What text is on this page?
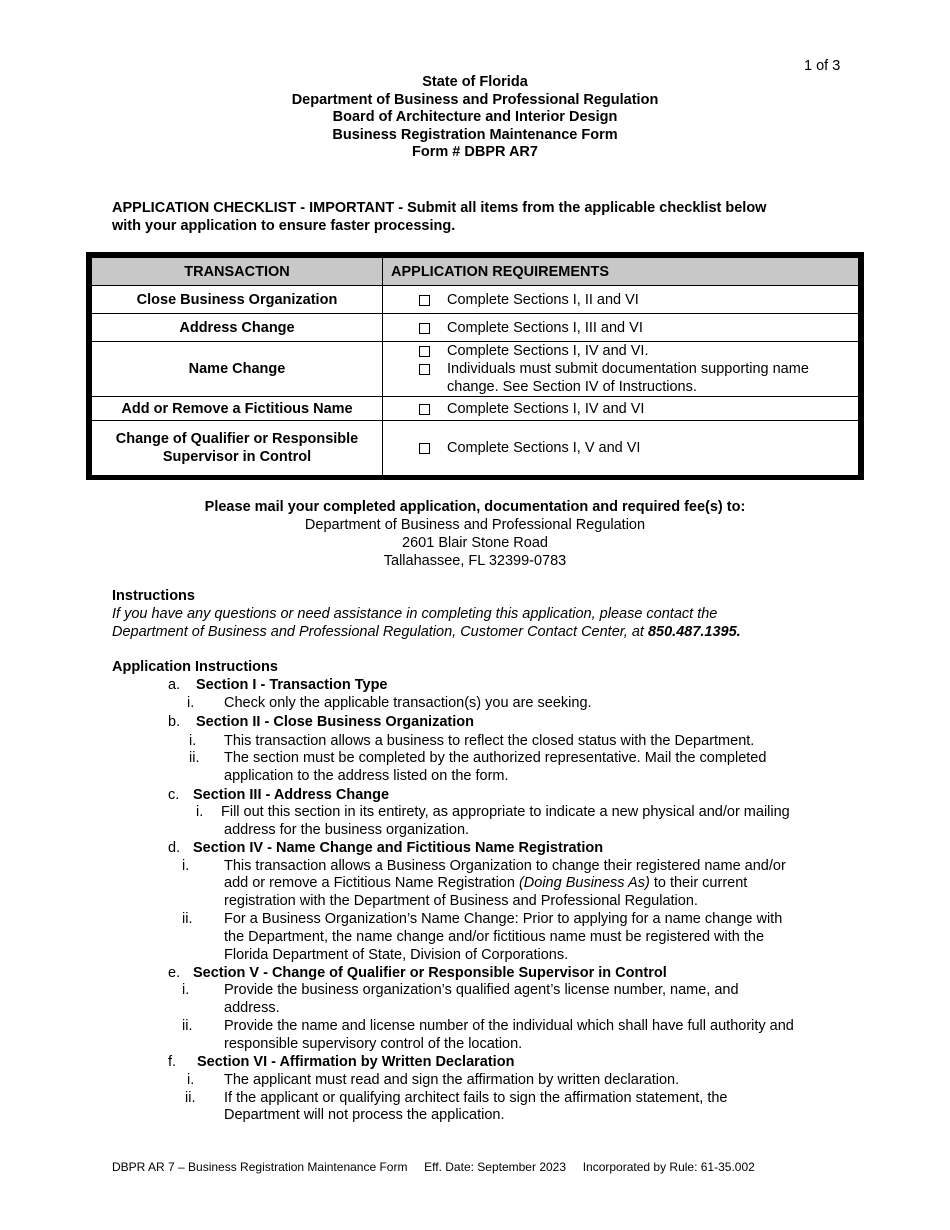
1 of 3
State of Florida
Department of Business and Professional Regulation
Board of Architecture and Interior Design
Business Registration Maintenance Form
Form # DBPR AR7
APPLICATION CHECKLIST - IMPORTANT - Submit all items from the applicable checklist below
with your application to ensure faster processing.
TRANSACTION	APPLICATION REQUIREMENTS
Close Business Organization	Complete Sections I, II and VI

Address Change	Complete Sections I, III and VI

Name Change	Complete Sections I, IV and VI.
Individuals must submit documentation supporting name
change. See Section IV of Instructions.

Add or Remove a Fictitious Name	Complete Sections I, IV and VI

Change of Qualifier or Responsible
Supervisor in Control	Complete Sections I, V and VI
Please mail your completed application, documentation and required fee(s) to:
Department of Business and Professional Regulation
2601 Blair Stone Road
Tallahassee, FL 32399-0783
Instructions
If you have any questions or need assistance in completing this application, please contact the
Department of Business and Professional Regulation, Customer Contact Center, at 850.487.1395.
Application Instructions
a. Section I - Transaction Type
i. Check only the applicable transaction(s) you are seeking.
b. Section II - Close Business Organization
i. This transaction allows a business to reflect the closed status with the Department.
ii. The section must be completed by the authorized representative. Mail the completed
application to the address listed on the form.
c. Section III - Address Change
i. Fill out this section in its entirety, as appropriate to indicate a new physical and/or mailing
address for the business organization.
d. Section IV - Name Change and Fictitious Name Registration
i. This transaction allows a Business Organization to change their registered name and/or
add or remove a Fictitious Name Registration (Doing Business As) to their current
registration with the Department of Business and Professional Regulation.
ii. For a Business Organization’s Name Change: Prior to applying for a name change with
the Department, the name change and/or fictitious name must be registered with the
Florida Department of State, Division of Corporations.
e. Section V - Change of Qualifier or Responsible Supervisor in Control
i. Provide the business organization’s qualified agent’s license number, name, and
address.
ii. Provide the name and license number of the individual which shall have full authority and
responsible supervisory control of the location.
f. Section VI - Affirmation by Written Declaration
i. The applicant must read and sign the affirmation by written declaration.
ii. If the applicant or qualifying architect fails to sign the affirmation statement, the
Department will not process the application.
DBPR AR 7 – Business Registration Maintenance Form Eff. Date: September 2023 Incorporated by Rule: 61-35.002
